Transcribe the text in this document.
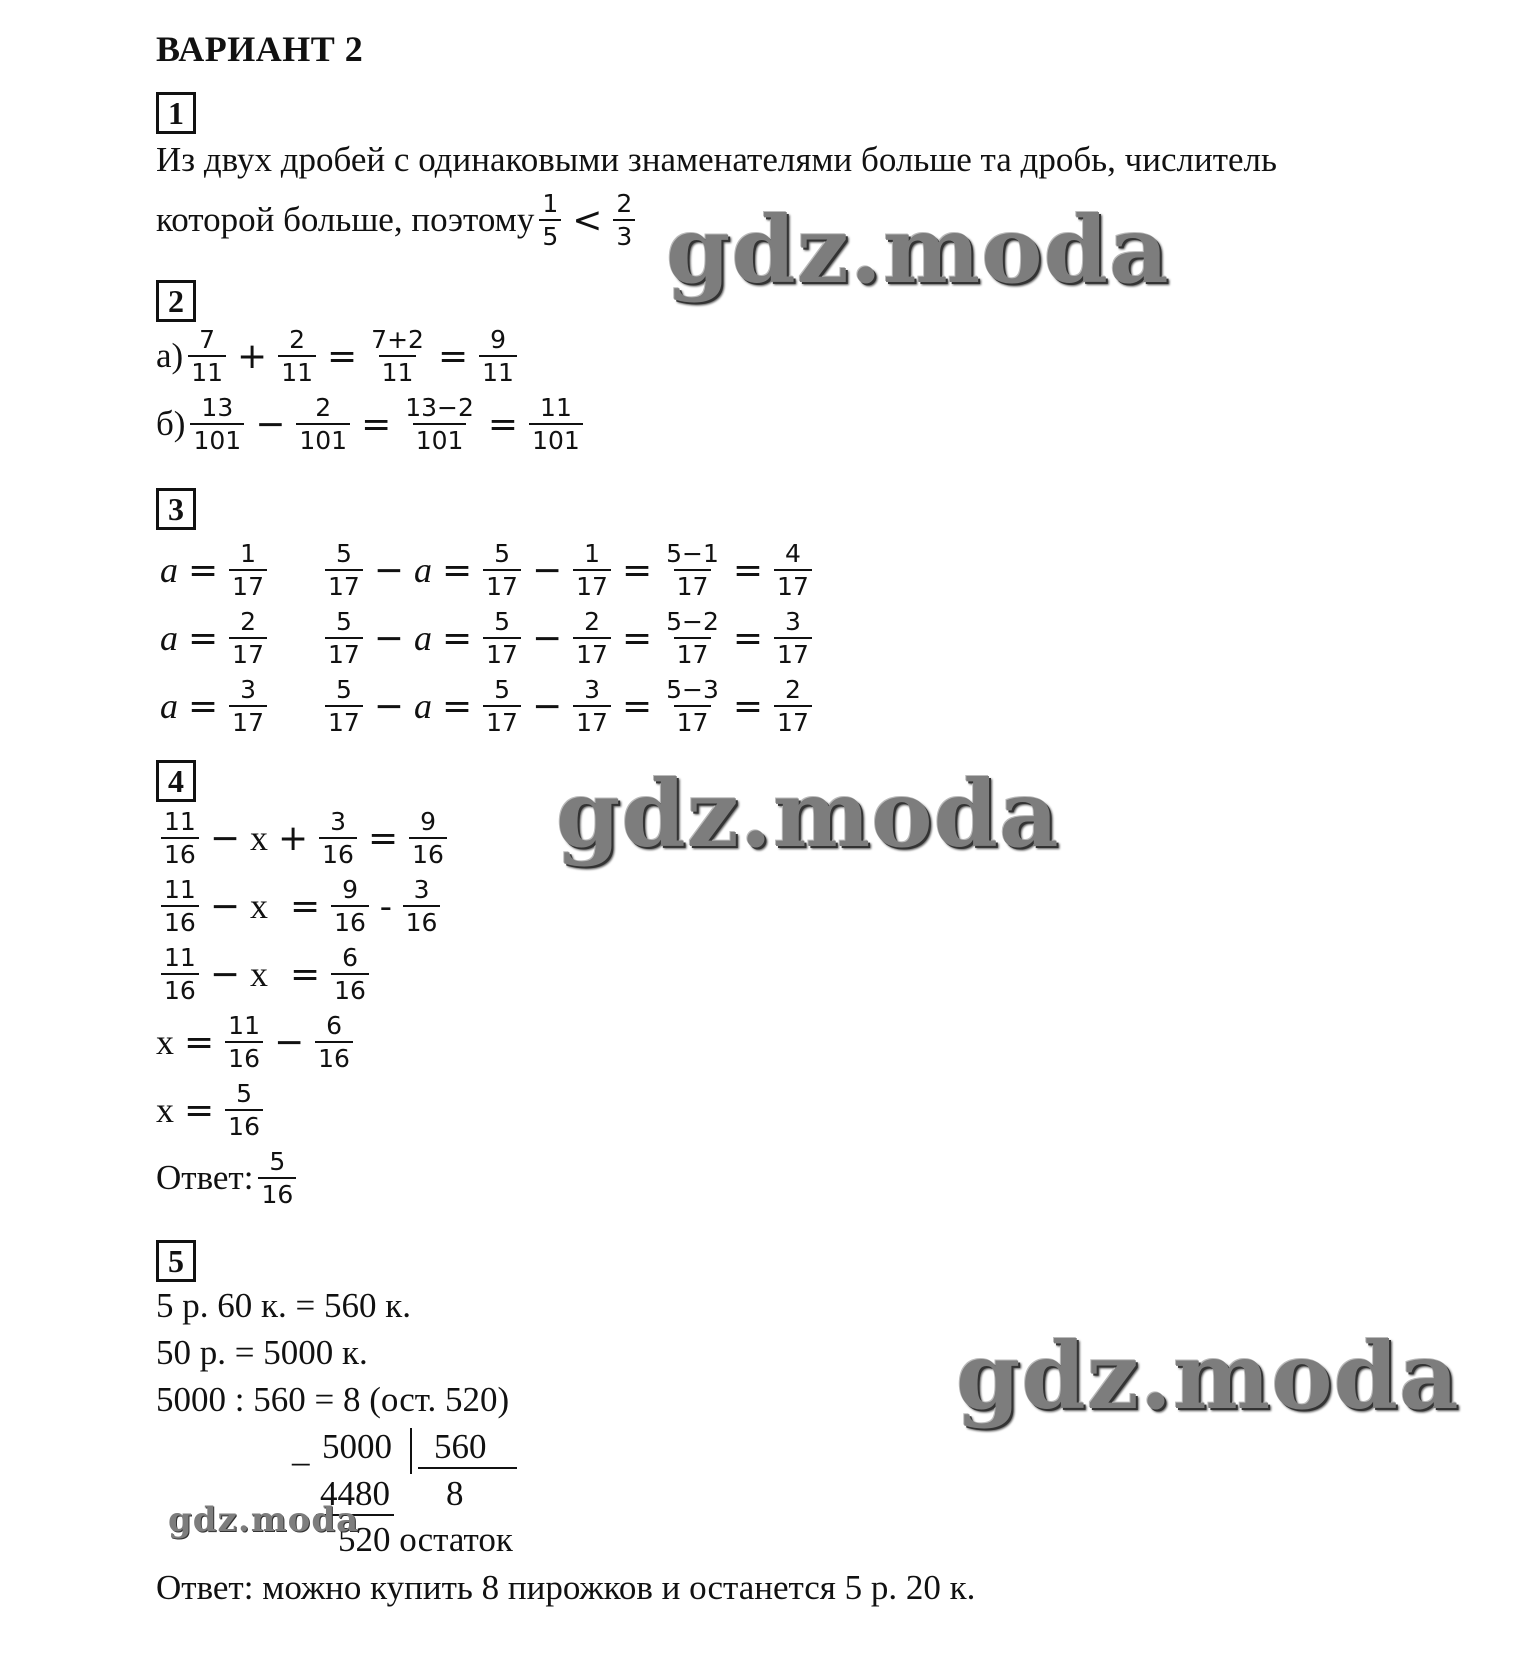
ВАРИАНТ 2
1
Из двух дробей с одинаковыми знаменателями больше та дробь, числитель
которой больше, поэтому $\frac{1}{5} < \frac{2}{3}$
2
$а) \frac{7}{11} + \frac{2}{11} = \frac{7+2}{11} = \frac{9}{11}$
$б) \frac{13}{101} - \frac{2}{101} = \frac{13-2}{101} = \frac{11}{101}$
3
$a = \frac{1}{17} \frac{5}{17} - a = \frac{5}{17} - \frac{1}{17} = \frac{5-1}{17} = \frac{4}{17}$
$a = \frac{2}{17} \frac{5}{17} - a = \frac{5}{17} - \frac{2}{17} = \frac{5-2}{17} = \frac{3}{17}$
$a = \frac{3}{17} \frac{5}{17} - a = \frac{5}{17} - \frac{3}{17} = \frac{5-3}{17} = \frac{2}{17}$
4
$\frac{11}{16} - x + \frac{3}{16} = \frac{9}{16}$
$\frac{11}{16} - x = \frac{9}{16} - \frac{3}{16}$
$\frac{11}{16} - x = \frac{6}{16}$
$x = \frac{11}{16} - \frac{6}{16}$
$x = \frac{5}{16}$
Ответ: $\frac{5}{16}$
5
5 р. 60 к. = 560 к.
50 р. = 5000 к.
5000 : 560 = 8 (ост. 520)
_ 5000	560
4480 8
520 остаток
Ответ: можно купить 8 пирожков и останется 5 р. 20 к.
gdz.moda
gdz.moda
gdz.moda
gdz.moda
